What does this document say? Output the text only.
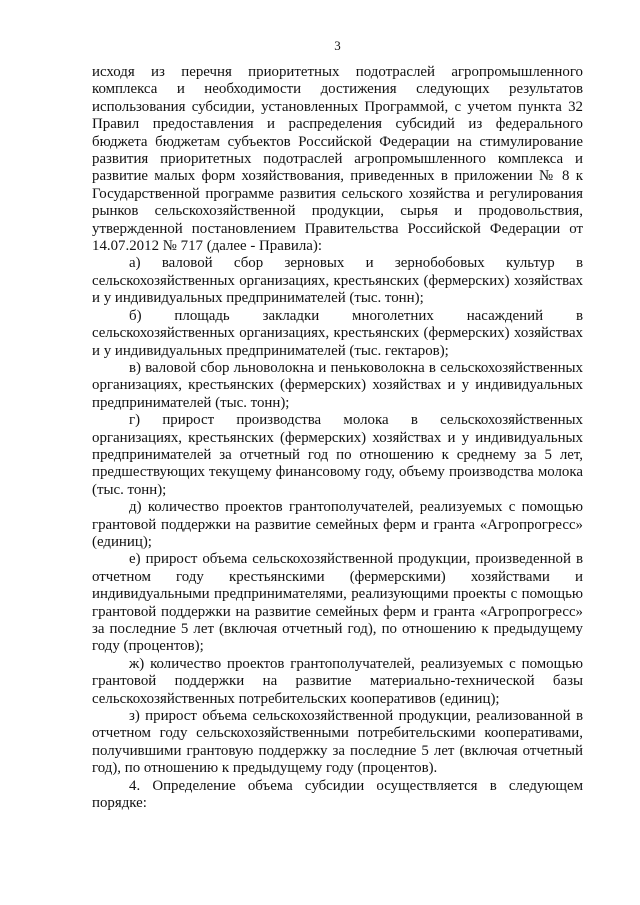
3

исходя из перечня приоритетных подотраслей агропромышленного комплекса и необходимости достижения следующих результатов использования субсидии, установленных Программой, с учетом пункта 32 Правил предоставления и распределения субсидий из федерального бюджета бюджетам субъектов Российской Федерации на стимулирование развития приоритетных подотраслей агропромышленного комплекса и развитие малых форм хозяйствования, приведенных в приложении № 8 к Государственной программе развития сельского хозяйства и регулирования рынков сельскохозяйственной продукции, сырья и продовольствия, утвержденной постановлением Правительства Российской Федерации от 14.07.2012 № 717 (далее - Правила):

а) валовой сбор зерновых и зернобобовых культур в сельскохозяйственных организациях, крестьянских (фермерских) хозяйствах и у индивидуальных предпринимателей (тыс. тонн);

б) площадь закладки многолетних насаждений в сельскохозяйственных организациях, крестьянских (фермерских) хозяйствах и у индивидуальных предпринимателей (тыс. гектаров);

в) валовой сбор льноволокна и пеньковолокна в сельскохозяйственных организациях, крестьянских (фермерских) хозяйствах и у индивидуальных предпринимателей (тыс. тонн);

г) прирост производства молока в сельскохозяйственных организациях, крестьянских (фермерских) хозяйствах и у индивидуальных предпринимателей за отчетный год по отношению к среднему за 5 лет, предшествующих текущему финансовому году, объему производства молока (тыс. тонн);

д) количество проектов грантополучателей, реализуемых с помощью грантовой поддержки на развитие семейных ферм и гранта «Агропрогресс» (единиц);

е) прирост объема сельскохозяйственной продукции, произведенной в отчетном году крестьянскими (фермерскими) хозяйствами и индивидуальными предпринимателями, реализующими проекты с помощью грантовой поддержки на развитие семейных ферм и гранта «Агропрогресс» за последние 5 лет (включая отчетный год), по отношению к предыдущему году (процентов);

ж) количество проектов грантополучателей, реализуемых с помощью грантовой поддержки на развитие материально-технической базы сельскохозяйственных потребительских кооперативов (единиц);

з) прирост объема сельскохозяйственной продукции, реализованной в отчетном году сельскохозяйственными потребительскими кооперативами, получившими грантовую поддержку за последние 5 лет (включая отчетный год), по отношению к предыдущему году (процентов).

4. Определение объема субсидии осуществляется в следующем порядке:
